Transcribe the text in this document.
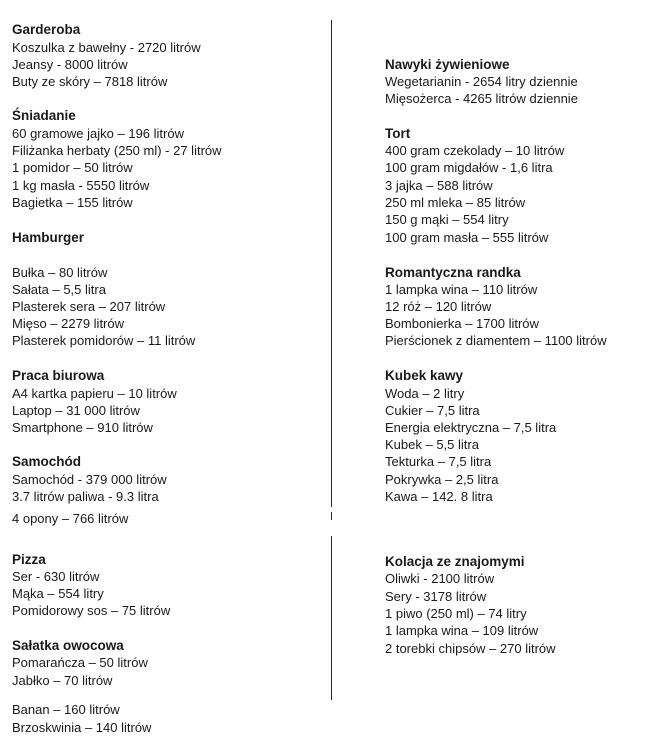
Garderoba
Koszulka z bawełny - 2720 litrów
Jeansy - 8000 litrów
Buty ze skóry – 7818 litrów
Śniadanie
60 gramowe jajko – 196 litrów
Filiżanka herbaty (250 ml) - 27 litrów
1 pomidor – 50 litrów
1 kg masła - 5550 litrów
Bagietka – 155 litrów
Hamburger
Bułka – 80 litrów
Sałata – 5,5 litra
Plasterek sera – 207 litrów
Mięso – 2279 litrów
Plasterek pomidorów – 11 litrów
Praca biurowa
A4 kartka papieru – 10 litrów
Laptop – 31 000 litrów
Smartphone – 910 litrów
Samochód
Samochód - 379 000 litrów
3.7 litrów paliwa - 9.3 litra
4 opony – 766 litrów
Pizza
Ser - 630 litrów
Mąka – 554 litry
Pomidorowy sos – 75 litrów
Sałatka owocowa
Pomarańcza – 50 litrów
Jabłko – 70 litrów
Banan – 160 litrów
Brzoskwinia – 140 litrów
Nawyki żywieniowe
Wegetarianin - 2654 litry dziennie
Mięsożerca - 4265 litrów dziennie
Tort
400 gram czekolady – 10 litrów
100 gram migdałów - 1,6 litra
3 jajka – 588 litrów
250 ml mleka – 85 litrów
150 g mąki – 554 litry
100 gram masła – 555 litrów
Romantyczna randka
1 lampka wina – 110 litrów
12 róż – 120 litrów
Bombonierka – 1700 litrów
Pierścionek z diamentem – 1100 litrów
Kubek kawy
Woda – 2 litry
Cukier – 7,5 litra
Energia elektryczna – 7,5 litra
Kubek – 5,5 litra
Tekturka – 7,5 litra
Pokrywka – 2,5 litra
Kawa – 142. 8 litra
Kolacja ze znajomymi
Oliwki - 2100 litrów
Sery - 3178 litrów
1 piwo (250 ml) – 74 litry
1 lampka wina – 109 litrów
2 torebki chipsów – 270 litrów
